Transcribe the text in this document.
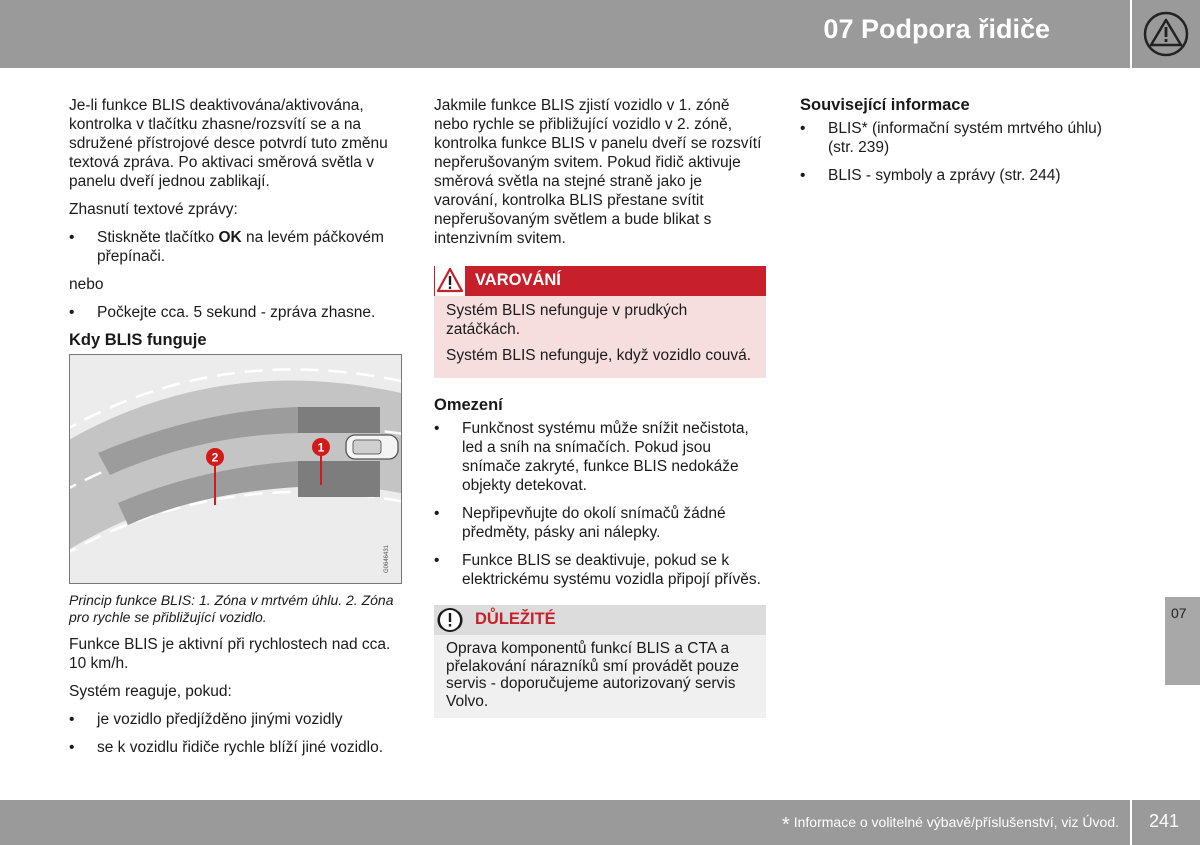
07 Podpora řidiče

Je-li funkce BLIS deaktivována/aktivována, kontrolka v tlačítku zhasne/rozsvítí se a na sdružené přístrojové desce potvrdí tuto změnu textová zpráva. Po aktivaci směrová světla v panelu dveří jednou zablikají.

Zhasnutí textové zprávy:

• Stiskněte tlačítko OK na levém páčkovém přepínači.

nebo

• Počkejte cca. 5 sekund - zpráva zhasne.
Kdy BLIS funguje
2
1
G0646431

Princip funkce BLIS: 1. Zóna v mrtvém úhlu. 2. Zóna pro rychle se přibližující vozidlo.

Funkce BLIS je aktivní při rychlostech nad cca. 10 km/h.

Systém reaguje, pokud:

• je vozidlo předjížděno jinými vozidly
• se k vozidlu řidiče rychle blíží jiné vozidlo.

Jakmile funkce BLIS zjistí vozidlo v 1. zóně nebo rychle se přibližující vozidlo v 2. zóně, kontrolka funkce BLIS v panelu dveří se rozsvítí nepřerušovaným svitem. Pokud řidič aktivuje směrová světla na stejné straně jako je varování, kontrolka BLIS přestane svítit nepřerušovaným světlem a bude blikat s intenzivním svitem.

VAROVÁNÍ

Systém BLIS nefunguje v prudkých zatáčkách.

Systém BLIS nefunguje, když vozidlo couvá.

Omezení
• Funkčnost systému může snížit nečistota, led a sníh na snímačích. Pokud jsou snímače zakryté, funkce BLIS nedokáže objekty detekovat.
• Nepřipevňujte do okolí snímačů žádné předměty, pásky ani nálepky.
• Funkce BLIS se deaktivuje, pokud se k elektrickému systému vozidla připojí přívěs.
DŮLEŽITÉ
Oprava komponentů funkcí BLIS a CTA a přelakování nárazníků smí provádět pouze servis - doporučujeme autorizovaný servis Volvo.
Související informace
• BLIS* (informační systém mrtvého úhlu) (str. 239)
• BLIS - symboly a zprávy (str. 244)
07
* Informace o volitelné výbavě/příslušenství, viz Úvod. 241
